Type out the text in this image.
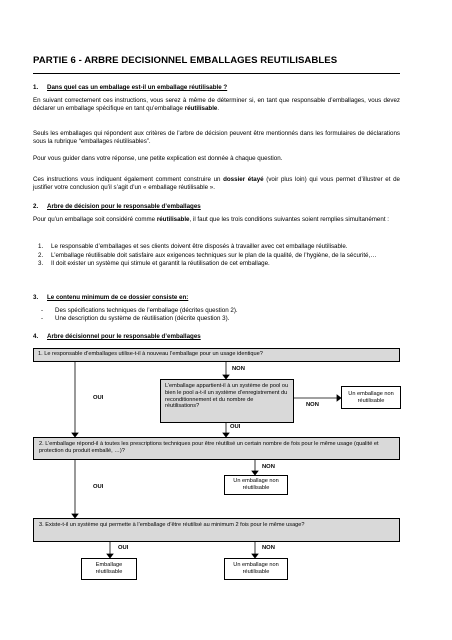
PARTIE 6 - ARBRE DECISIONNEL EMBALLAGES REUTILISABLES
1. Dans quel cas un emballage est-il un emballage réutilisable ?
En suivant correctement ces instructions, vous serez à même de déterminer si, en tant que responsable d’emballages, vous devez déclarer un emballage spécifique en tant qu’emballage réutilisable.
Seuls les emballages qui répondent aux critères de l’arbre de décision peuvent être mentionnés dans les formulaires de déclarations sous la rubrique “emballages réutilisables”.
Pour vous guider dans votre réponse, une petite explication est donnée à chaque question.
Ces instructions vous indiquent également comment construire un dossier étayé (voir plus loin) qui vous permet d’illustrer et de justifier votre conclusion qu’il s’agit d’un « emballage réutilisable ».
2. Arbre de décision pour le responsable d’emballages
Pour qu’un emballage soit considéré comme réutilisable, il faut que les trois conditions suivantes soient remplies simultanément :
1. Le responsable d’emballages et ses clients doivent être disposés à travailler avec cet emballage réutilisable.
2. L’emballage réutilisable doit satisfaire aux exigences techniques sur le plan de la qualité, de l’hygiène, de la sécurité,…
3. Il doit exister un système qui stimule et garantit la réutilisation de cet emballage.
3. Le contenu minimum de ce dossier consiste en:
- Des spécifications techniques de l’emballage (décrites question 2).
- Une description du système de réutilisation (décrite question 3).
4. Arbre décisionnel pour le responsable d’emballages
1. Le responsable d’emballages utilise-t-il à nouveau l’emballage pour un usage identique?
NON
OUI
L’emballage appartient-il à un système de pool ou bien le pool a-t-il un système d’enregistrement du reconditionnement et du nombre de réutilisations?	NON
OUI
Un emballage non réutilisable
2. L’emballage répond-il à toutes les prescriptions techniques pour être réutilisé un certain nombre de fois pour le même usage (qualité et protection du produit emballé, …)?
NON
OUI
Un emballage non réutilisable
3. Existe-t-il un système qui permette à l’emballage d’être réutilisé au minimum 2 fois pour le même usage?
OUI	NON
Emballage réutilisable
Un emballage non réutilisable
